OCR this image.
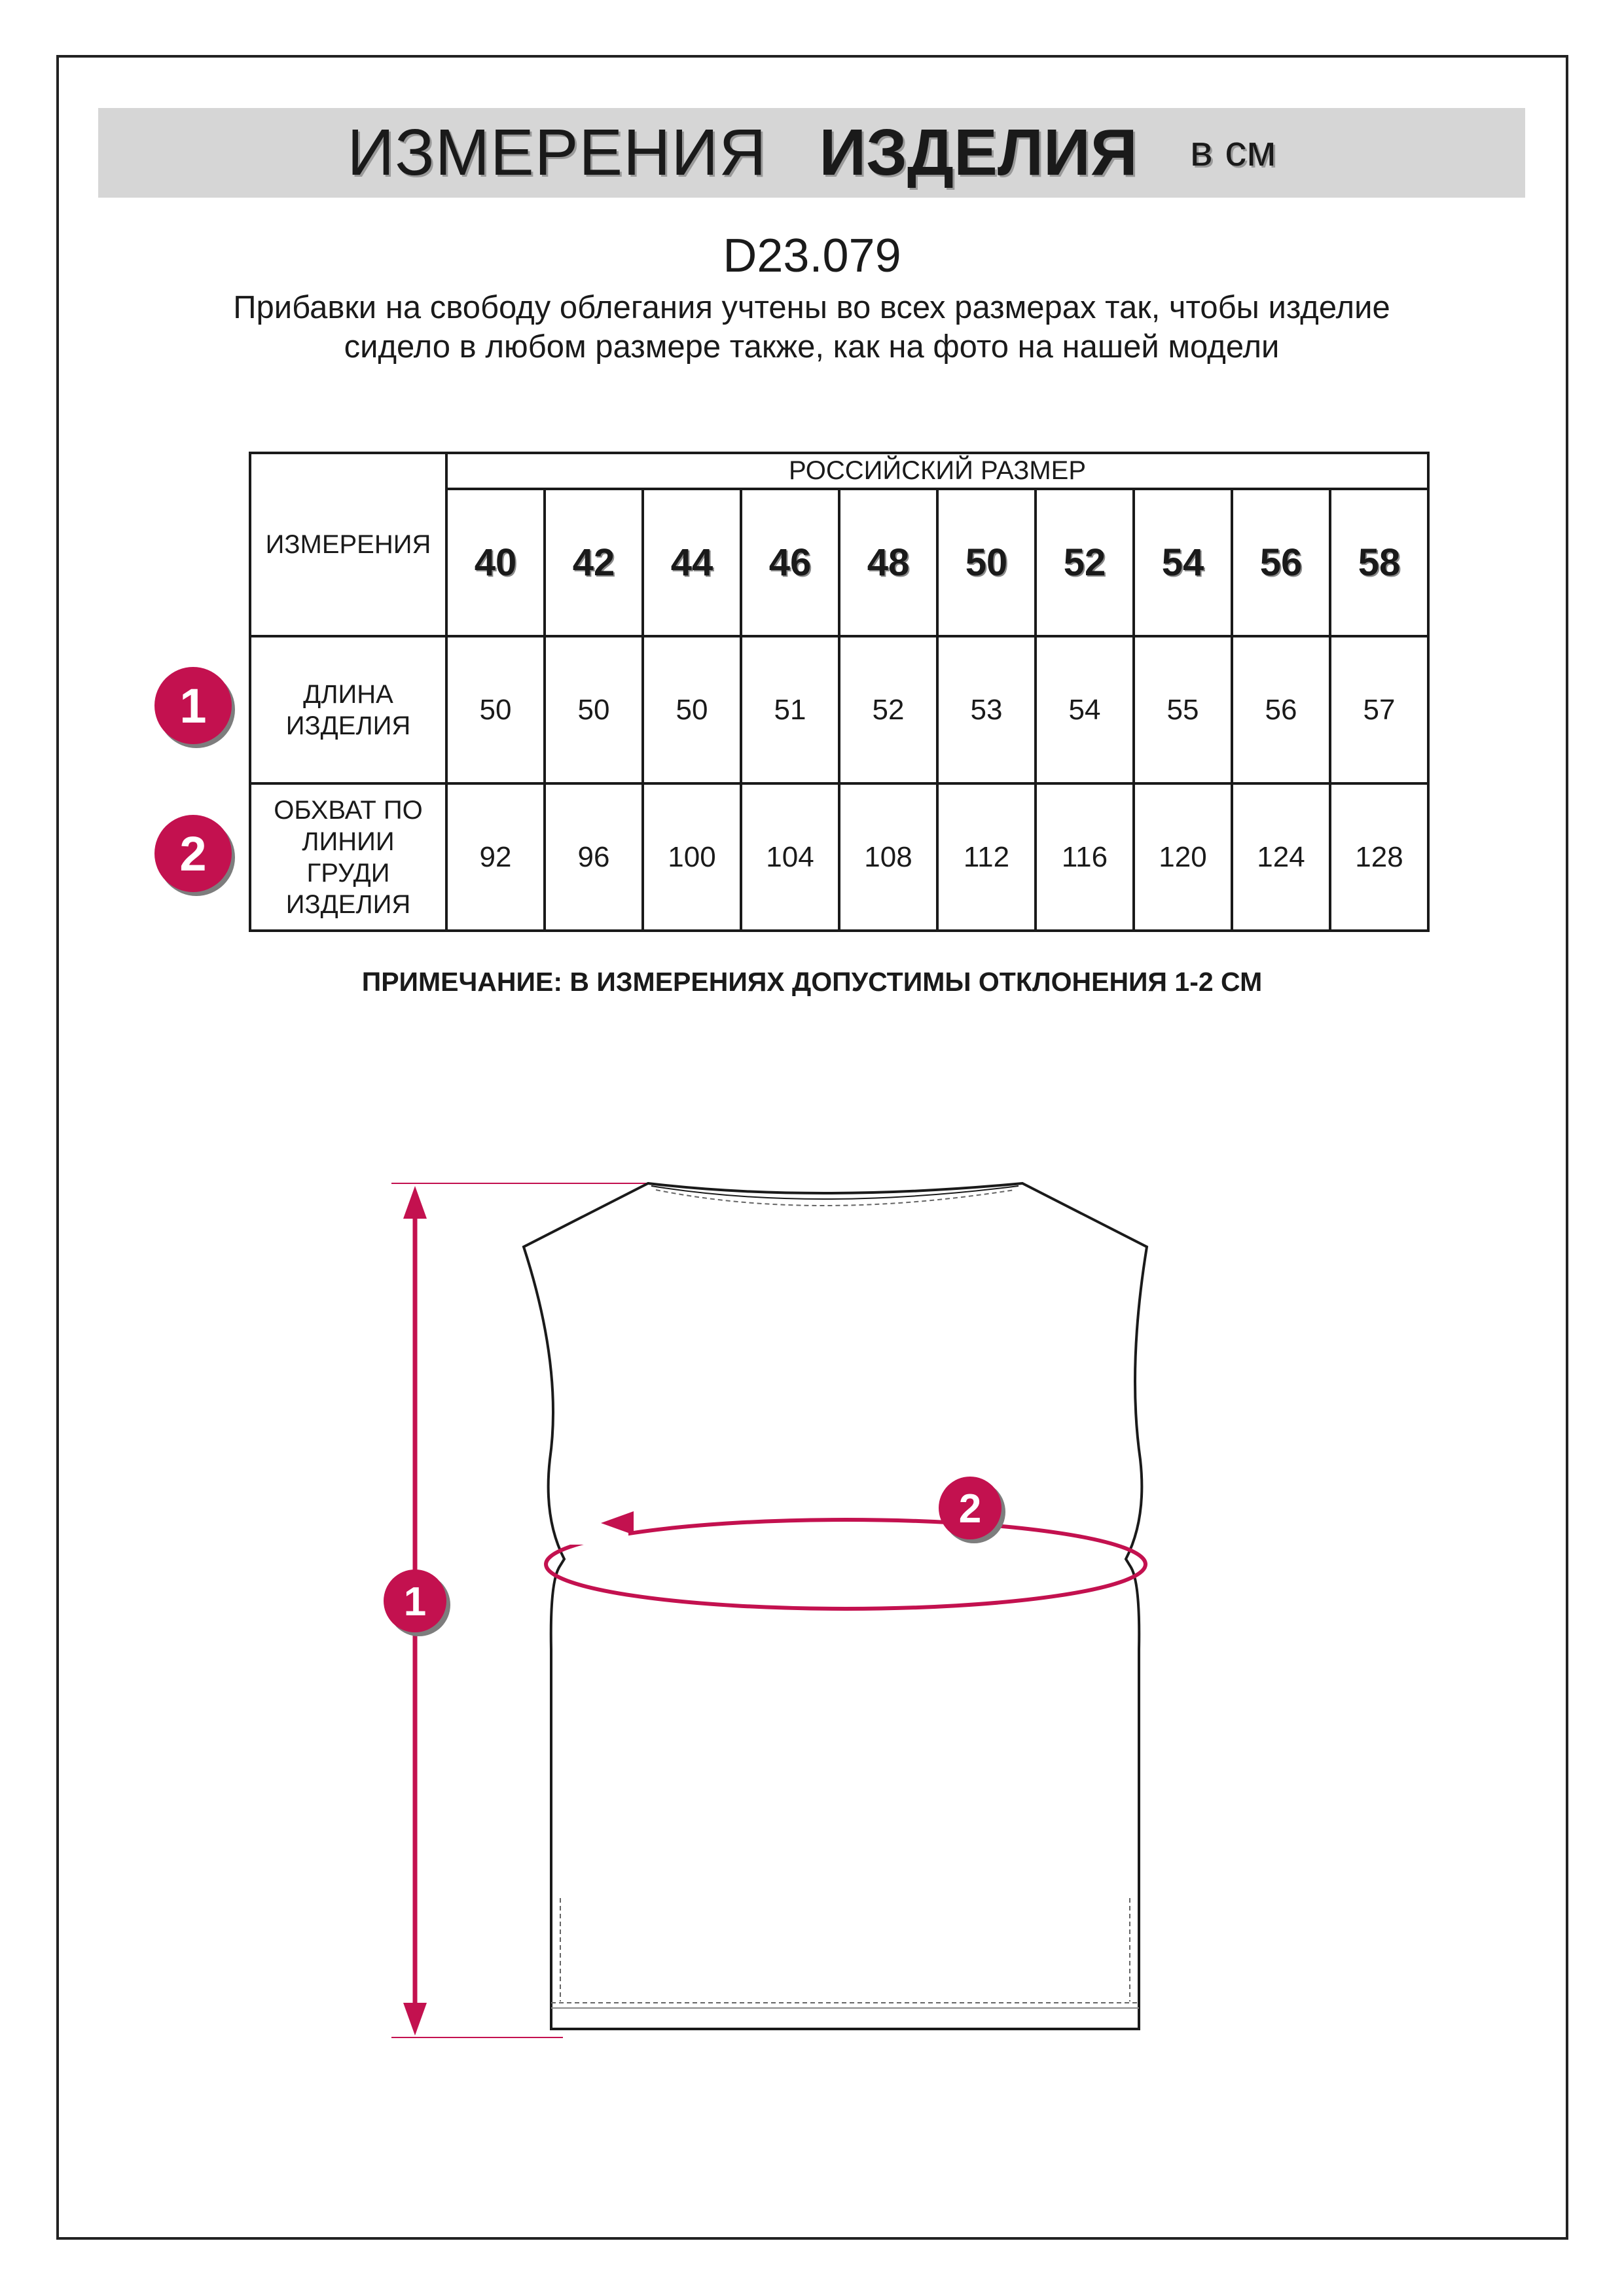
ИЗМЕРЕНИЯ ИЗДЕЛИЯ в см
D23.079
Прибавки на свободу облегания учтены во всех размерах так, чтобы изделие сидело в любом размере также, как на фото на нашей модели
ИЗМЕРЕНИЯ	РОССИЙСКИЙ РАЗМЕР									
	40	42	44	46	48	50	52	54	56	58
ДЛИНА ИЗДЕЛИЯ	50	50	50	51	52	53	54	55	56	57
ОБХВАТ ПО ЛИНИИ ГРУДИ ИЗДЕЛИЯ	92	96	100	104	108	112	116	120	124	128
1
2
ПРИМЕЧАНИЕ: В ИЗМЕРЕНИЯХ ДОПУСТИМЫ ОТКЛОНЕНИЯ 1-2 СМ
1
2
